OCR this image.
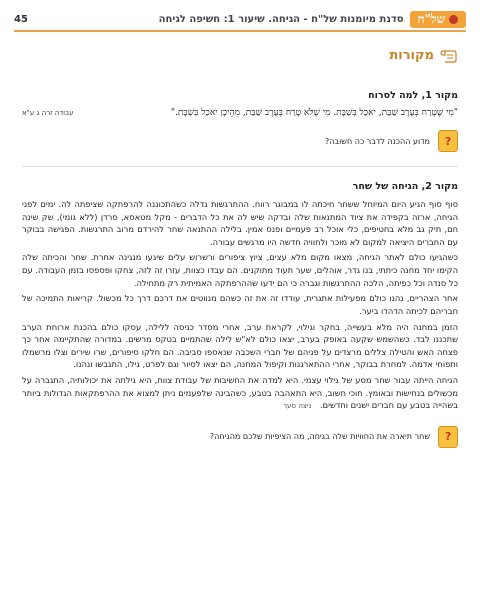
45	של"ח
סדנת מיומנות של"ח - הגיחה. שיעור 1: חשיפה לגיחה
מקורות
מקור 1, למה לסרוח
"מִי שֶׁטָּרַח בְּעֶרֶב שַׁבָּת, יֹאכַל בְּשַׁבָּת. מִי שֶׁלֹּא טָרַח בְּעֶרֶב שַׁבָּת, מֵהֵיכָן יֹאכַל בְּשַׁבָּת."
עבודה זרה ג ע"א
?
מדוע ההכנה לדבר כה חשובה?
מקור 2, הגיחה של שחר

סוף סוף הגיע היום המיוחל ששחר חיכתה לו במבוגר רווח. ההתרגשות גדלה כשהתכוננה להרפתקה שציפתה לה. ימים לפני הגיחה, ארזה בקפידה את ציוד המתנאות שלה ובדקה שיש לה את כל הדברים - מקל מטאסא, סרדן (ללא גומי), שק שינה חם, תיק גב מלא בחטיפים, כלי אוכל רב פעמיים ופנס אמין. בלילה ההתנאה שחר להירדם מרוב התרגשות. הפגישה בבוקר עם החברים היציאה למקום לא מוכר ולחוויה חדשה היו מרגשים עבורה.

כשהגיעו כולם לאתר הגיחה, מצאו מקום מלא עצים, ציוץ ציפורים ורשרוש עלים שיגעו מנגינה אחרת. שחר והכיתה שלה הקימו יחד מחנה כיתתי, בנו גדר, אוהלים, שער תעוד מתוקנים. הם עבדו כצוות, עזרו זה לזה, צחקו ופספסו בזמן העבודה. עם כל סנדה וכל כפיתה, הלכה ההתרגשות וגברה כי הם ידעו שההרפתקה האמיתית רק מתחילה.

אחר הצהריים, נהנו כולם מפעילות אתגרית, עודדו זה את זה כשהם מנווטים את דרכם דרך כל מכשול. קריאות התמיכה של חבריהם לכיתה הדהדו ביער.

הזמן במחנה היה מלא בעשייה, בחקר וגילוי, לקראת ערב, אחרי מסדר כניסה ללילה, עסקו כולם בהכנת ארוחת הערב שתכננו לבד. כשהשמש שקעה באופק בערב, יצאו כולם לא"ש לילה שהתמיים בטקס מרשים. במדורה שהתקיימה אחר כך פצחה האש והטילה צללים מרצדים על פניהם של חברי השכבה שנאספו סביבה. הם חלקו סיפורים, שרו שירים וצלו מרשמלו ותפוחי אדמה. למחרת בבוקר, אחרי ההתארגנות וקיפול המחנה, הם יצאו לסיור וגם לפרט, גילו, התגבשו ונהנו.

הגיחה הייתה עבור שחר מסע של גילוי עצמי. היא למדה את החשיבות של עבודת צוות, היא גילתה את יכולותיה, התגברה על מכשולים בנחישות ובאומץ. חוכי חשוב, היא התאהבה בטבע, כשהבינה שלפעמים ניתן למצוא את ההרפתקאות הגדולות ביותר בשהייה בטבע עם חברים ישנים וחדשים. ניצה סער

?
שחר תיארה את החוויות שלה בגיחה, מה הציפיות שלכם מהגיחה?
